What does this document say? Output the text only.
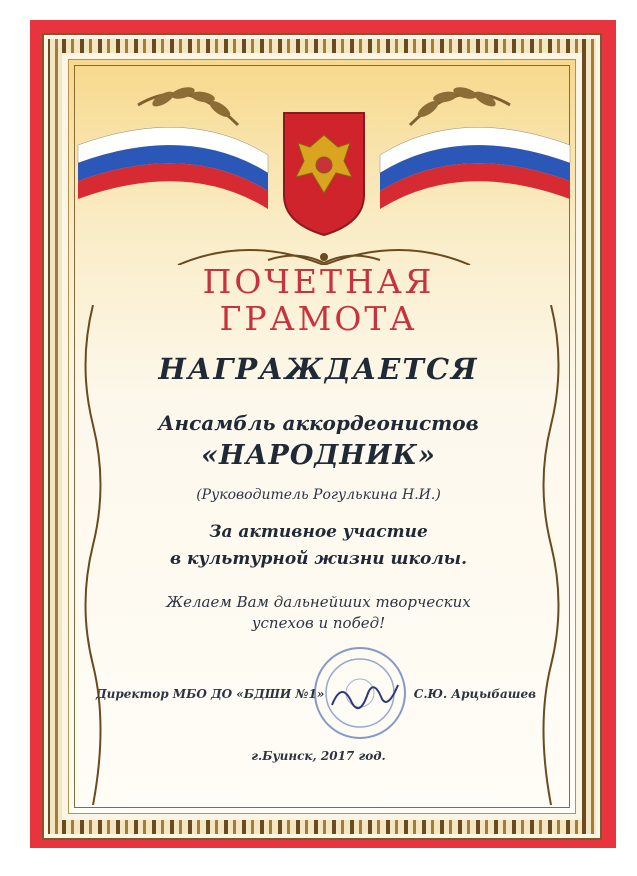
ПОЧЕТНАЯ
ГРАМОТА
НАГРАЖДАЕТСЯ
Ансамбль аккордеонистов
«НАРОДНИК»
(Руководитель Рогулькина Н.И.)
За активное участие
в культурной жизни школы.
Желаем Вам дальнейших творческих
успехов и побед!
Директор МБО ДО «БДШИ №1»	С.Ю. Арцыбашев
г.Буинск, 2017 год.
